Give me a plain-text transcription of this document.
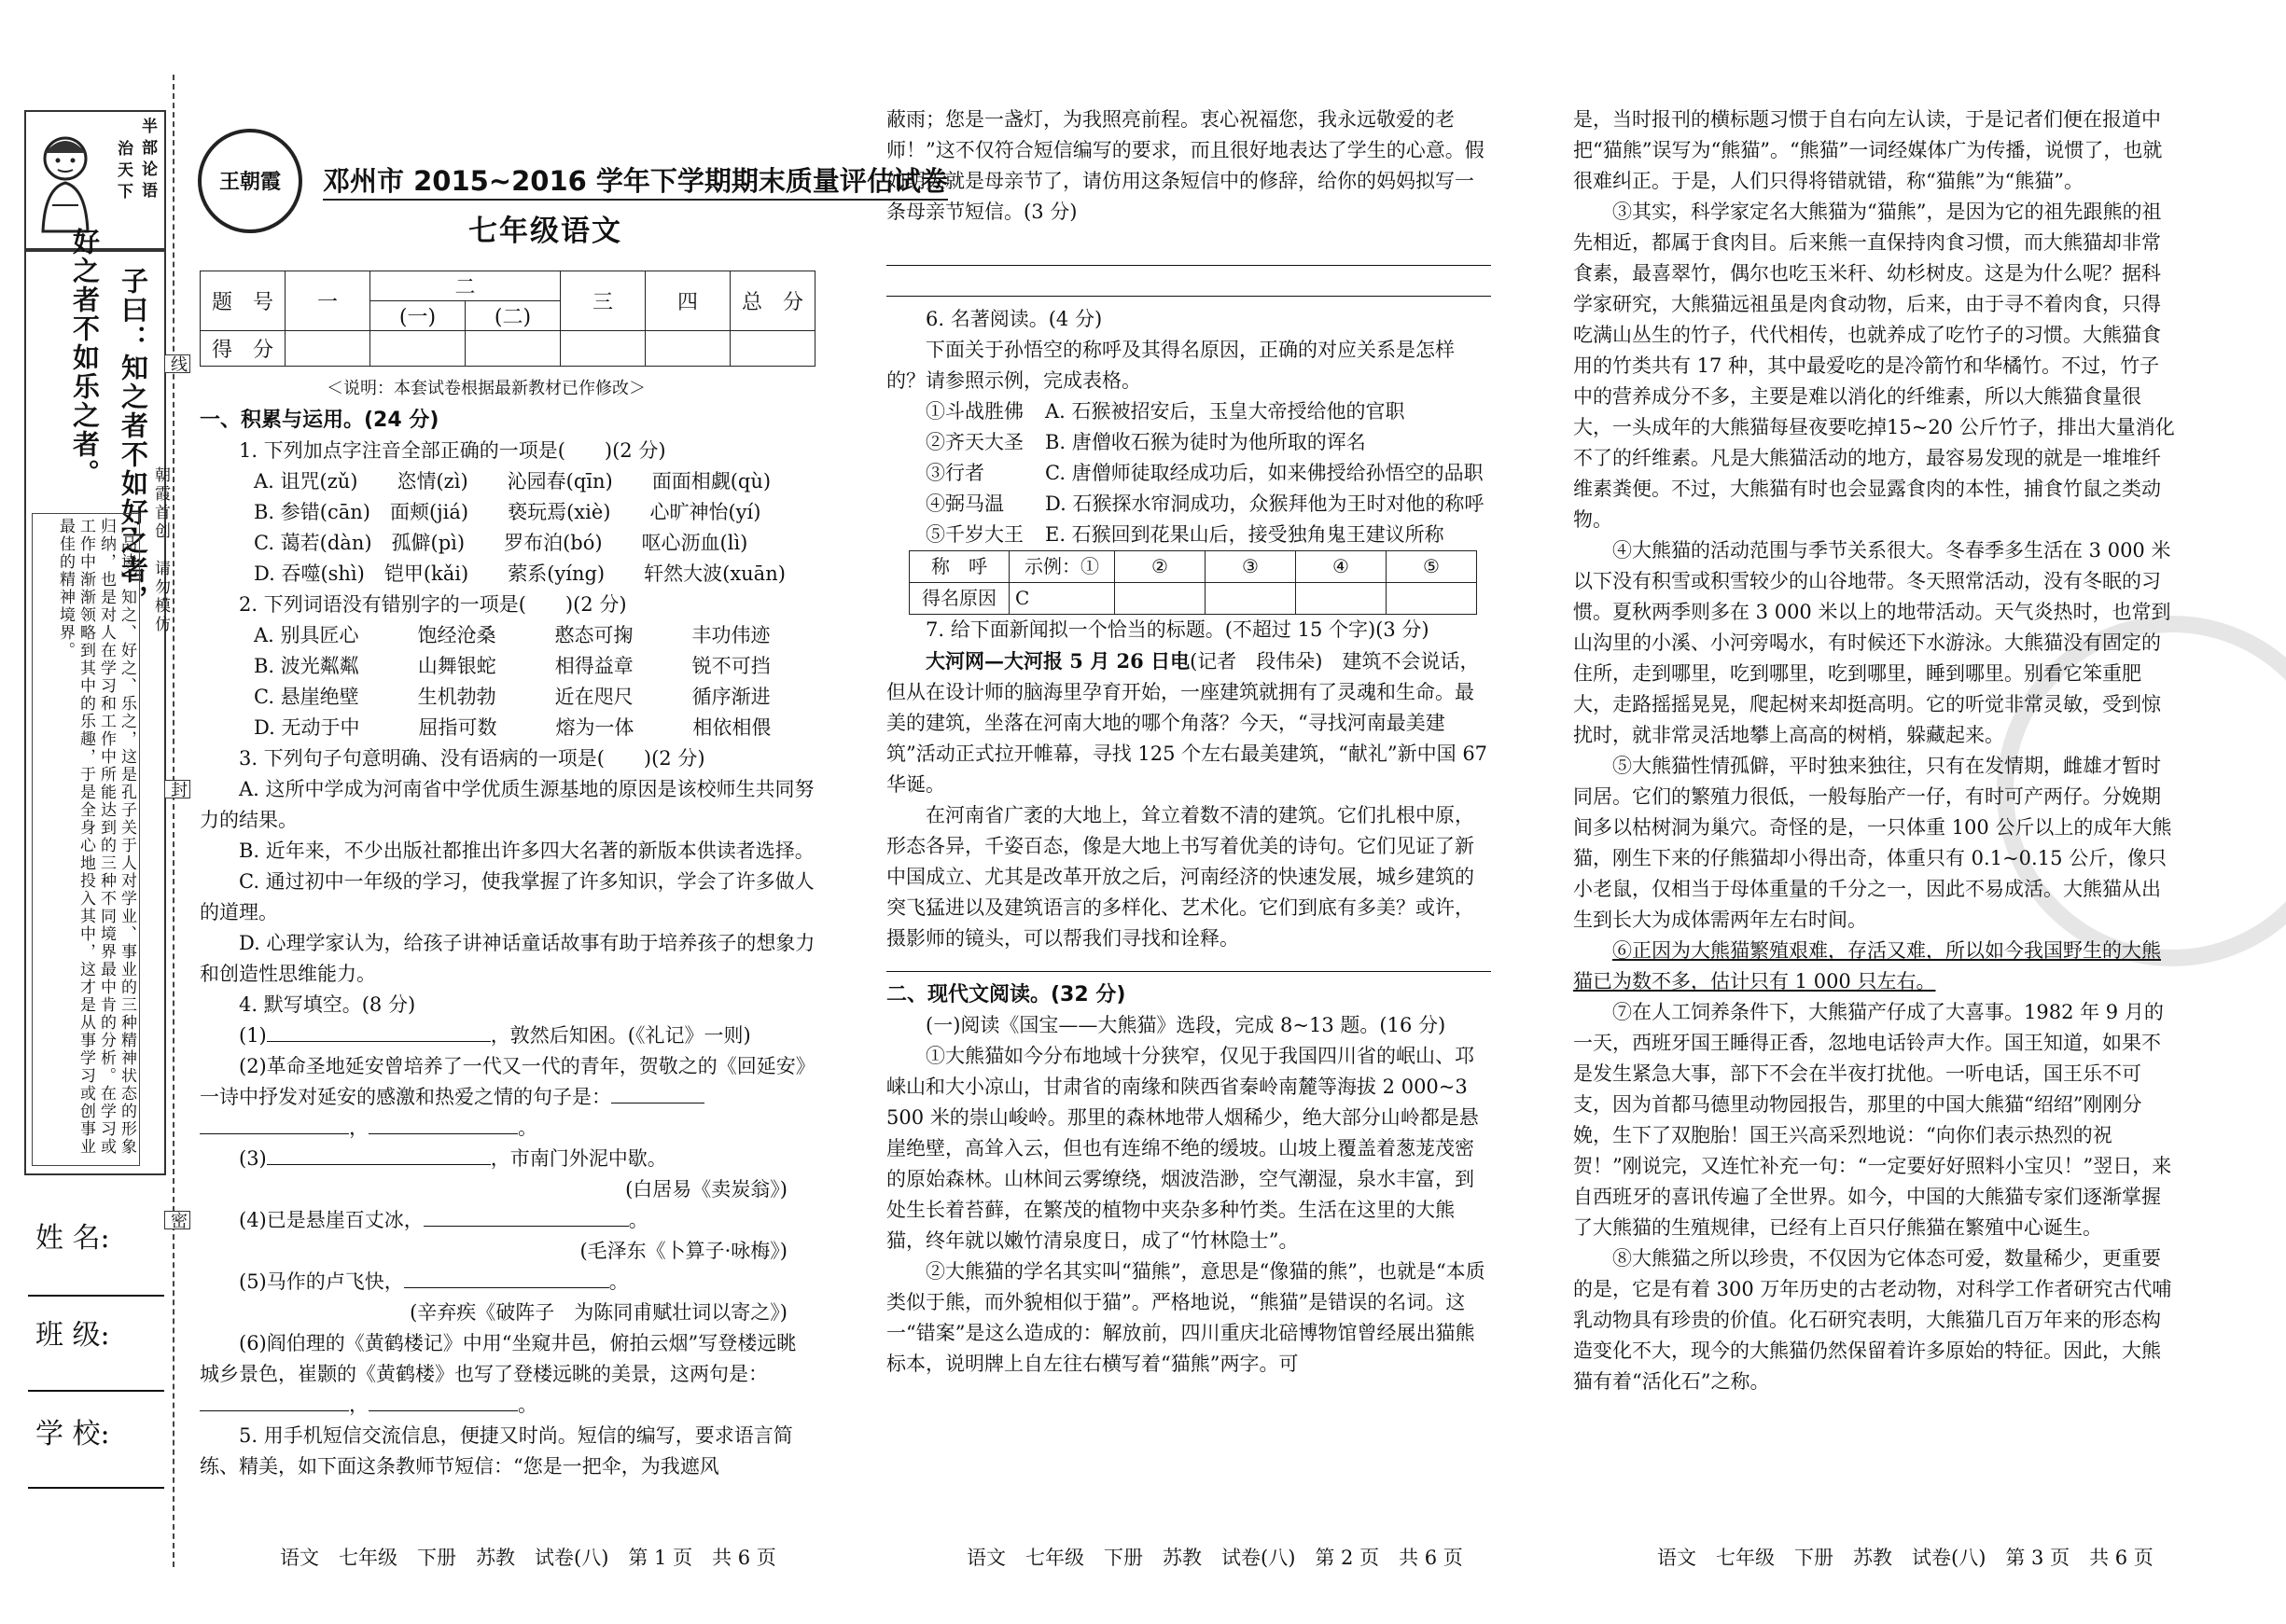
治天下 半部论语
子曰：知之者不如好之者，
好之者不如乐之者。
【品读】知之、好之、乐之，这是孔子关于人对学业、事业的三种精神状态的形象归纳，也是对人在学习和工作中所能达到的三种不同境界最中肯的分析。在学习或工作中渐渐领略到其中的乐趣，于是全身心地投入其中，这才是从事学习或创事业最佳的精神境界。
线
封
密
朝霞首创　请勿模仿
姓 名:
班 级:
学 校:
王朝霞	邓州市 2015~2016 学年下学期期末质量评估试卷
七年级语文
题　号	一	二		三	四	总　分
		(一)	(二)			
得　分						
＜说明：本套试卷根据最新教材已作修改＞

一、积累与运用。(24 分)

1. 下列加点字注音全部正确的一项是(　　)(2 分)

A. 诅咒(zǔ)　　恣情(zì)　　沁园春(qīn)　　面面相觑(qù)

B. 参错(cān)　面颊(jiá)　　亵玩焉(xiè)　　心旷神怡(yí)

C. 蔼若(dàn)　孤僻(pì)　　罗布泊(bó)　　呕心沥血(lì)

D. 吞噬(shì)　铠甲(kǎi)　　萦系(yíng)　　轩然大波(xuān)

2. 下列词语没有错别字的一项是(　　)(2 分)

A. 别具匠心　　　饱经沧桑　　　憨态可掬　　　丰功伟迹

B. 波光粼粼　　　山舞银蛇　　　相得益章　　　锐不可挡

C. 悬崖绝壁　　　生机勃勃　　　近在咫尺　　　循序渐进

D. 无动于中　　　屈指可数　　　熔为一体　　　相依相偎

3. 下列句子句意明确、没有语病的一项是(　　)(2 分)

A. 这所中学成为河南省中学优质生源基地的原因是该校师生共同努力的结果。

B. 近年来，不少出版社都推出许多四大名著的新版本供读者选择。

C. 通过初中一年级的学习，使我掌握了许多知识，学会了许多做人的道理。

D. 心理学家认为，给孩子讲神话童话故事有助于培养孩子的想象力和创造性思维能力。

4. 默写填空。(8 分)

(1)	，敦然后知困。(《礼记》一则)

(2)革命圣地延安曾培养了一代又一代的青年，贺敬之的《回延安》一诗中抒发对延安的感激和热爱之情的句子是：

，	。

(3)	，市南门外泥中歇。

(白居易《卖炭翁》)

(4)已是悬崖百丈冰，	。

(毛泽东《卜算子·咏梅》)

(5)马作的卢飞快，	。

(辛弃疾《破阵子　为陈同甫赋壮词以寄之》)

(6)阎伯理的《黄鹤楼记》中用“坐窥井邑，俯拍云烟”写登楼远眺城乡景色，崔颢的《黄鹤楼》也写了登楼远眺的美景，这两句是：，	。

5. 用手机短信交流信息，便捷又时尚。短信的编写，要求语言简练、精美，如下面这条教师节短信：“您是一把伞，为我遮风

蔽雨；您是一盏灯，为我照亮前程。衷心祝福您，我永远敬爱的老师！”这不仅符合短信编写的要求，而且很好地表达了学生的心意。假如明天就是母亲节了，请仿用这条短信中的修辞，给你的妈妈拟写一条母亲节短信。(3 分)

6. 名著阅读。(4 分)

下面关于孙悟空的称呼及其得名原因，正确的对应关系是怎样的？请参照示例，完成表格。

①斗战胜佛	A. 石猴被招安后，玉皇大帝授给他的官职
②齐天大圣	B. 唐僧收石猴为徒时为他所取的诨名
③行者	C. 唐僧师徒取经成功后，如来佛授给孙悟空的品职
④弼马温	D. 石猴探水帘洞成功，众猴拜他为王时对他的称呼
⑤千岁大王	E. 石猴回到花果山后，接受独角鬼王建议所称
称　呼	示例：①	②	③	④	⑤
得名原因	C				

7. 给下面新闻拟一个恰当的标题。(不超过 15 个字)(3 分)

大河网—大河报 5 月 26 日电(记者　段伟朵)　 建筑不会说话，但从在设计师的脑海里孕育开始，一座建筑就拥有了灵魂和生命。最美的建筑，坐落在河南大地的哪个角落？今天，“寻找河南最美建筑”活动正式拉开帷幕，寻找 125 个左右最美建筑，“献礼”新中国 67 华诞。

在河南省广袤的大地上，耸立着数不清的建筑。它们扎根中原，形态各异，千姿百态，像是大地上书写着优美的诗句。它们见证了新中国成立、尤其是改革开放之后，河南经济的快速发展，城乡建筑的突飞猛进以及建筑语言的多样化、艺术化。它们到底有多美？或许，摄影师的镜头，可以帮我们寻找和诠释。

二、现代文阅读。(32 分)

(一)阅读《国宝——大熊猫》选段，完成 8~13 题。(16 分)

①大熊猫如今分布地域十分狭窄，仅见于我国四川省的岷山、邛崃山和大小凉山，甘肃省的南缘和陕西省秦岭南麓等海拔 2 000~3 500 米的崇山峻岭。那里的森林地带人烟稀少，绝大部分山岭都是悬崖绝壁，高耸入云，但也有连绵不绝的缓坡。山坡上覆盖着葱茏茂密的原始森林。山林间云雾缭绕，烟波浩渺，空气潮湿，泉水丰富，到处生长着苔藓，在繁茂的植物中夹杂多种竹类。生活在这里的大熊猫，终年就以嫩竹清泉度日，成了“竹林隐士”。

②大熊猫的学名其实叫“猫熊”，意思是“像猫的熊”，也就是“本质类似于熊，而外貌相似于猫”。严格地说，“熊猫”是错误的名词。这一“错案”是这么造成的：解放前，四川重庆北碚博物馆曾经展出猫熊标本，说明牌上自左往右横写着“猫熊”两字。可

是，当时报刊的横标题习惯于自右向左认读，于是记者们便在报道中把“猫熊”误写为“熊猫”。“熊猫”一词经媒体广为传播，说惯了，也就很难纠正。于是，人们只得将错就错，称“猫熊”为“熊猫”。

③其实，科学家定名大熊猫为“猫熊”，是因为它的祖先跟熊的祖先相近，都属于食肉目。后来熊一直保持肉食习惯，而大熊猫却非常食素，最喜翠竹，偶尔也吃玉米秆、幼杉树皮。这是为什么呢？据科学家研究，大熊猫远祖虽是肉食动物，后来，由于寻不着肉食，只得吃满山丛生的竹子，代代相传，也就养成了吃竹子的习惯。大熊猫食用的竹类共有 17 种，其中最爱吃的是冷箭竹和华橘竹。不过，竹子中的营养成分不多，主要是难以消化的纤维素，所以大熊猫食量很大，一头成年的大熊猫每昼夜要吃掉15~20 公斤竹子，排出大量消化不了的纤维素。凡是大熊猫活动的地方，最容易发现的就是一堆堆纤维素粪便。不过，大熊猫有时也会显露食肉的本性，捕食竹鼠之类动物。

④大熊猫的活动范围与季节关系很大。冬春季多生活在 3 000 米以下没有积雪或积雪较少的山谷地带。冬天照常活动，没有冬眠的习惯。夏秋两季则多在 3 000 米以上的地带活动。天气炎热时，也常到山沟里的小溪、小河旁喝水，有时候还下水游泳。大熊猫没有固定的住所，走到哪里，吃到哪里，吃到哪里，睡到哪里。别看它笨重肥大，走路摇摇晃晃，爬起树来却挺高明。它的听觉非常灵敏，受到惊扰时，就非常灵活地攀上高高的树梢，躲藏起来。

⑤大熊猫性情孤僻，平时独来独往，只有在发情期，雌雄才暂时同居。它们的繁殖力很低，一般每胎产一仔，有时可产两仔。分娩期间多以枯树洞为巢穴。奇怪的是，一只体重 100 公斤以上的成年大熊猫，刚生下来的仔熊猫却小得出奇，体重只有 0.1~0.15 公斤，像只小老鼠，仅相当于母体重量的千分之一，因此不易成活。大熊猫从出生到长大为成体需两年左右时间。

⑥正因为大熊猫繁殖艰难，存活又难，所以如今我国野生的大熊猫已为数不多，估计只有 1 000 只左右。

⑦在人工饲养条件下，大熊猫产仔成了大喜事。1982 年 9 月的一天，西班牙国王睡得正香，忽地电话铃声大作。国王知道，如果不是发生紧急大事，部下不会在半夜打扰他。一听电话，国王乐不可支，因为首都马德里动物园报告，那里的中国大熊猫“绍绍”刚刚分娩，生下了双胞胎！国王兴高采烈地说：“向你们表示热烈的祝贺！”刚说完，又连忙补充一句：“一定要好好照料小宝贝！”翌日，来自西班牙的喜讯传遍了全世界。如今，中国的大熊猫专家们逐渐掌握了大熊猫的生殖规律，已经有上百只仔熊猫在繁殖中心诞生。

⑧大熊猫之所以珍贵，不仅因为它体态可爱，数量稀少，更重要的是，它是有着 300 万年历史的古老动物，对科学工作者研究古代哺乳动物具有珍贵的价值。化石研究表明，大熊猫几百万年来的形态构造变化不大，现今的大熊猫仍然保留着许多原始的特征。因此，大熊猫有着“活化石”之称。

语文　七年级　下册　苏教　试卷(八)　第 1 页　共 6 页	语文　七年级　下册　苏教　试卷(八)　第 2 页　共 6 页	语文　七年级　下册　苏教　试卷(八)　第 3 页　共 6 页
